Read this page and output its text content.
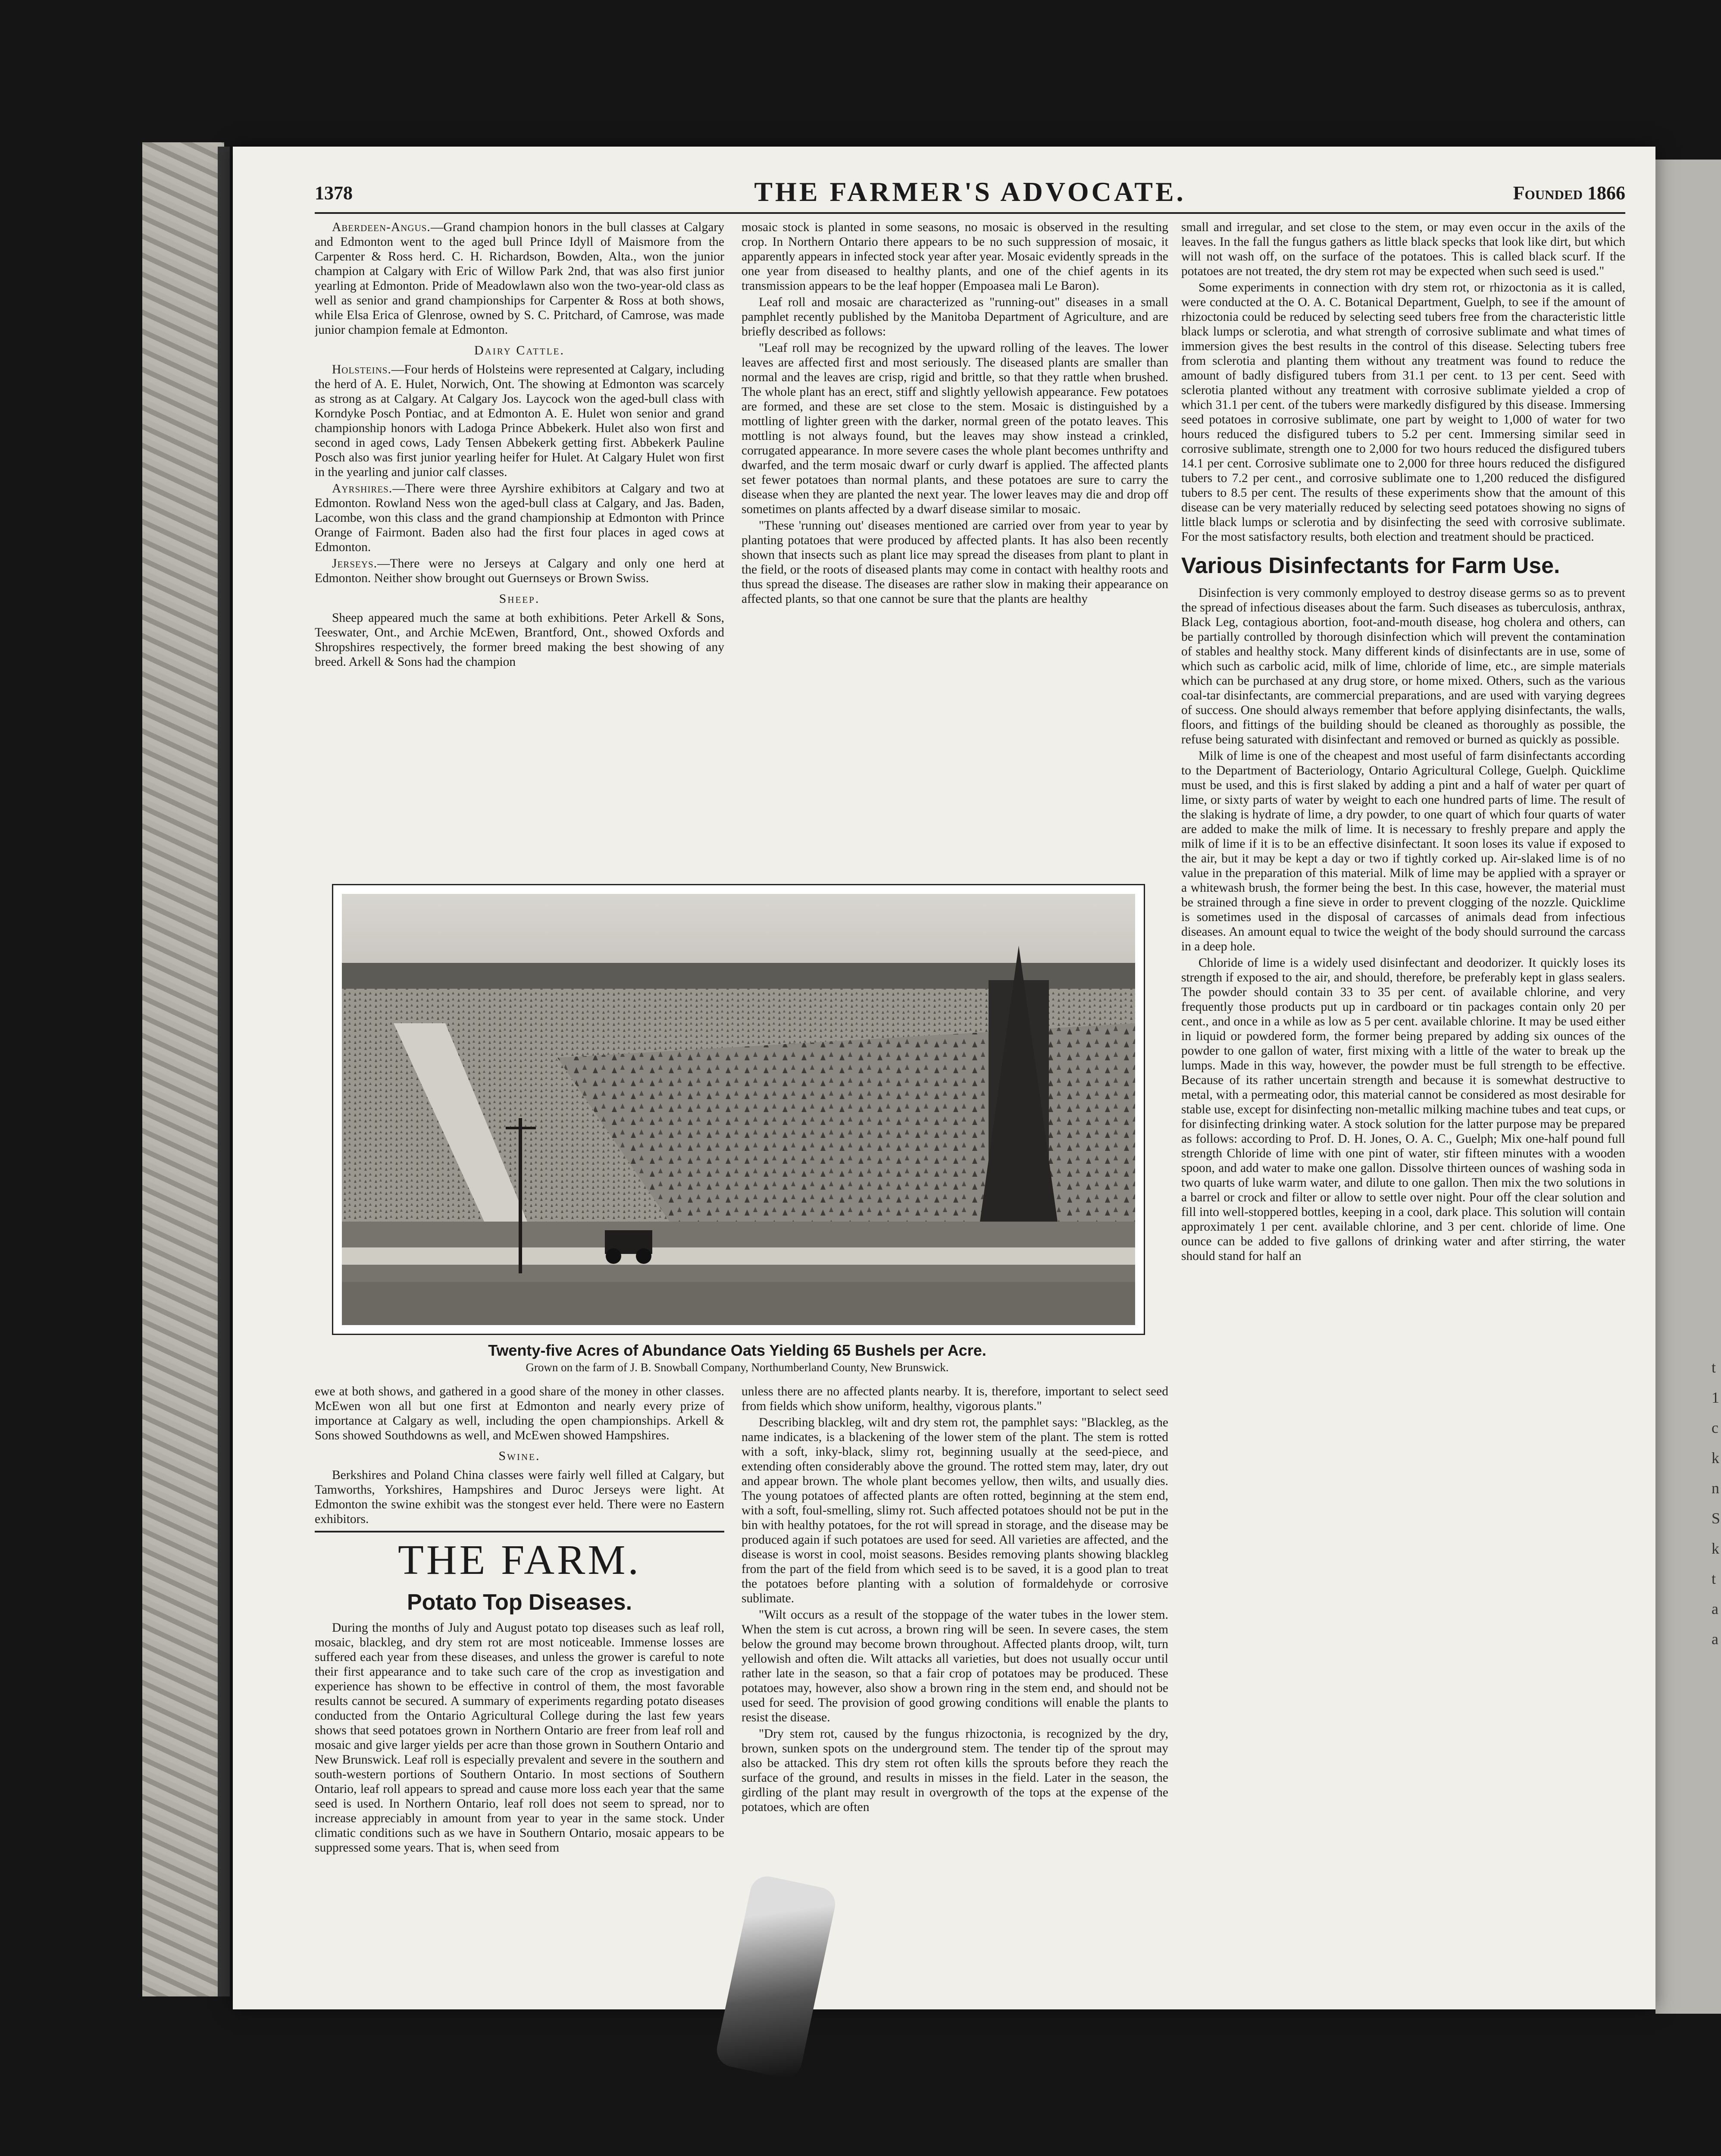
t
1
c
k
n
S
k
t
a
a
1378	THE FARMER'S ADVOCATE.	Founded 1866

Aberdeen-Angus.—Grand champion honors in the bull classes at Calgary and Edmonton went to the aged bull Prince Idyll of Maismore from the Carpenter & Ross herd. C. H. Richardson, Bowden, Alta., won the junior champion at Calgary with Eric of Willow Park 2nd, that was also first junior yearling at Edmonton. Pride of Meadowlawn also won the two-year-old class as well as senior and grand championships for Carpenter & Ross at both shows, while Elsa Erica of Glenrose, owned by S. C. Pritchard, of Camrose, was made junior champion female at Edmonton.

Dairy Cattle.

Holsteins.—Four herds of Holsteins were represented at Calgary, including the herd of A. E. Hulet, Norwich, Ont. The showing at Edmonton was scarcely as strong as at Calgary. At Calgary Jos. Laycock won the aged-bull class with Korndyke Posch Pontiac, and at Edmonton A. E. Hulet won senior and grand championship honors with Ladoga Prince Abbekerk. Hulet also won first and second in aged cows, Lady Tensen Abbekerk getting first. Abbekerk Pauline Posch also was first junior yearling heifer for Hulet. At Calgary Hulet won first in the yearling and junior calf classes.

Ayrshires.—There were three Ayrshire exhibitors at Calgary and two at Edmonton. Rowland Ness won the aged-bull class at Calgary, and Jas. Baden, Lacombe, won this class and the grand championship at Edmonton with Prince Orange of Fairmont. Baden also had the first four places in aged cows at Edmonton.

Jerseys.—There were no Jerseys at Calgary and only one herd at Edmonton. Neither show brought out Guernseys or Brown Swiss.

Sheep.

Sheep appeared much the same at both exhibitions. Peter Arkell & Sons, Teeswater, Ont., and Archie McEwen, Brantford, Ont., showed Oxfords and Shropshires respectively, the former breed making the best showing of any breed. Arkell & Sons had the champion

mosaic stock is planted in some seasons, no mosaic is observed in the resulting crop. In Northern Ontario there appears to be no such suppression of mosaic, it apparently appears in infected stock year after year. Mosaic evidently spreads in the one year from diseased to healthy plants, and one of the chief agents in its transmission appears to be the leaf hopper (Empoasea mali Le Baron).

Leaf roll and mosaic are characterized as "running-out" diseases in a small pamphlet recently published by the Manitoba Department of Agriculture, and are briefly described as follows:

"Leaf roll may be recognized by the upward rolling of the leaves. The lower leaves are affected first and most seriously. The diseased plants are smaller than normal and the leaves are crisp, rigid and brittle, so that they rattle when brushed. The whole plant has an erect, stiff and slightly yellowish appearance. Few potatoes are formed, and these are set close to the stem. Mosaic is distinguished by a mottling of lighter green with the darker, normal green of the potato leaves. This mottling is not always found, but the leaves may show instead a crinkled, corrugated appearance. In more severe cases the whole plant becomes unthrifty and dwarfed, and the term mosaic dwarf or curly dwarf is applied. The affected plants set fewer potatoes than normal plants, and these potatoes are sure to carry the disease when they are planted the next year. The lower leaves may die and drop off sometimes on plants affected by a dwarf disease similar to mosaic.

"These 'running out' diseases mentioned are carried over from year to year by planting potatoes that were produced by affected plants. It has also been recently shown that insects such as plant lice may spread the diseases from plant to plant in the field, or the roots of diseased plants may come in contact with healthy roots and thus spread the disease. The diseases are rather slow in making their appearance on affected plants, so that one cannot be sure that the plants are healthy

small and irregular, and set close to the stem, or may even occur in the axils of the leaves. In the fall the fungus gathers as little black specks that look like dirt, but which will not wash off, on the surface of the potatoes. This is called black scurf. If the potatoes are not treated, the dry stem rot may be expected when such seed is used."

Some experiments in connection with dry stem rot, or rhizoctonia as it is called, were conducted at the O. A. C. Botanical Department, Guelph, to see if the amount of rhizoctonia could be reduced by selecting seed tubers free from the characteristic little black lumps or sclerotia, and what strength of corrosive sublimate and what times of immersion gives the best results in the control of this disease. Selecting tubers free from sclerotia and planting them without any treatment was found to reduce the amount of badly disfigured tubers from 31.1 per cent. to 13 per cent. Seed with sclerotia planted without any treatment with corrosive sublimate yielded a crop of which 31.1 per cent. of the tubers were markedly disfigured by this disease. Immersing seed potatoes in corrosive sublimate, one part by weight to 1,000 of water for two hours reduced the disfigured tubers to 5.2 per cent. Immersing similar seed in corrosive sublimate, strength one to 2,000 for two hours reduced the disfigured tubers 14.1 per cent. Corrosive sublimate one to 2,000 for three hours reduced the disfigured tubers to 7.2 per cent., and corrosive sublimate one to 1,200 reduced the disfigured tubers to 8.5 per cent. The results of these experiments show that the amount of this disease can be very materially reduced by selecting seed potatoes showing no signs of little black lumps or sclerotia and by disinfecting the seed with corrosive sublimate. For the most satisfactory results, both election and treatment should be practiced.

Various Disinfectants for Farm Use.

Disinfection is very commonly employed to destroy disease germs so as to prevent the spread of infectious diseases about the farm. Such diseases as tuberculosis, anthrax, Black Leg, contagious abortion, foot-and-mouth disease, hog cholera and others, can be partially controlled by thorough disinfection which will prevent the contamination of stables and healthy stock. Many different kinds of disinfectants are in use, some of which such as carbolic acid, milk of lime, chloride of lime, etc., are simple materials which can be purchased at any drug store, or home mixed. Others, such as the various coal-tar disinfectants, are commercial preparations, and are used with varying degrees of success. One should always remember that before applying disinfectants, the walls, floors, and fittings of the building should be cleaned as thoroughly as possible, the refuse being saturated with disinfectant and removed or burned as quickly as possible.

Milk of lime is one of the cheapest and most useful of farm disinfectants according to the Department of Bacteriology, Ontario Agricultural College, Guelph. Quicklime must be used, and this is first slaked by adding a pint and a half of water per quart of lime, or sixty parts of water by weight to each one hundred parts of lime. The result of the slaking is hydrate of lime, a dry powder, to one quart of which four quarts of water are added to make the milk of lime. It is necessary to freshly prepare and apply the milk of lime if it is to be an effective disinfectant. It soon loses its value if exposed to the air, but it may be kept a day or two if tightly corked up. Air-slaked lime is of no value in the preparation of this material. Milk of lime may be applied with a sprayer or a whitewash brush, the former being the best. In this case, however, the material must be strained through a fine sieve in order to prevent clogging of the nozzle. Quicklime is sometimes used in the disposal of carcasses of animals dead from infectious diseases. An amount equal to twice the weight of the body should surround the carcass in a deep hole.

Chloride of lime is a widely used disinfectant and deodorizer. It quickly loses its strength if exposed to the air, and should, therefore, be preferably kept in glass sealers. The powder should contain 33 to 35 per cent. of available chlorine, and very frequently those products put up in cardboard or tin packages contain only 20 per cent., and once in a while as low as 5 per cent. available chlorine. It may be used either in liquid or powdered form, the former being prepared by adding six ounces of the powder to one gallon of water, first mixing with a little of the water to break up the lumps. Made in this way, however, the powder must be full strength to be effective. Because of its rather uncertain strength and because it is somewhat destructive to metal, with a permeating odor, this material cannot be considered as most desirable for stable use, except for disinfecting non-metallic milking machine tubes and teat cups, or for disinfecting drinking water. A stock solution for the latter purpose may be prepared as follows: according to Prof. D. H. Jones, O. A. C., Guelph; Mix one-half pound full strength Chloride of lime with one pint of water, stir fifteen minutes with a wooden spoon, and add water to make one gallon. Dissolve thirteen ounces of washing soda in two quarts of luke warm water, and dilute to one gallon. Then mix the two solutions in a barrel or crock and filter or allow to settle over night. Pour off the clear solution and fill into well-stoppered bottles, keeping in a cool, dark place. This solution will contain approximately 1 per cent. available chlorine, and 3 per cent. chloride of lime. One ounce can be added to five gallons of drinking water and after stirring, the water should stand for half an

Twenty-five Acres of Abundance Oats Yielding 65 Bushels per Acre.
Grown on the farm of J. B. Snowball Company, Northumberland County, New Brunswick.

ewe at both shows, and gathered in a good share of the money in other classes. McEwen won all but one first at Edmonton and nearly every prize of importance at Calgary as well, including the open championships. Arkell & Sons showed Southdowns as well, and McEwen showed Hampshires.

Swine.

Berkshires and Poland China classes were fairly well filled at Calgary, but Tamworths, Yorkshires, Hampshires and Duroc Jerseys were light. At Edmonton the swine exhibit was the stongest ever held. There were no Eastern exhibitors.

THE FARM.
Potato Top Diseases.

During the months of July and August potato top diseases such as leaf roll, mosaic, blackleg, and dry stem rot are most noticeable. Immense losses are suffered each year from these diseases, and unless the grower is careful to note their first appearance and to take such care of the crop as investigation and experience has shown to be effective in control of them, the most favorable results cannot be secured. A summary of experiments regarding potato diseases conducted from the Ontario Agricultural College during the last few years shows that seed potatoes grown in Northern Ontario are freer from leaf roll and mosaic and give larger yields per acre than those grown in Southern Ontario and New Brunswick. Leaf roll is especially prevalent and severe in the southern and south-western portions of Southern Ontario. In most sections of Southern Ontario, leaf roll appears to spread and cause more loss each year that the same seed is used. In Northern Ontario, leaf roll does not seem to spread, nor to increase appreciably in amount from year to year in the same stock. Under climatic conditions such as we have in Southern Ontario, mosaic appears to be suppressed some years. That is, when seed from

unless there are no affected plants nearby. It is, therefore, important to select seed from fields which show uniform, healthy, vigorous plants."

Describing blackleg, wilt and dry stem rot, the pamphlet says: "Blackleg, as the name indicates, is a blackening of the lower stem of the plant. The stem is rotted with a soft, inky-black, slimy rot, beginning usually at the seed-piece, and extending often considerably above the ground. The rotted stem may, later, dry out and appear brown. The whole plant becomes yellow, then wilts, and usually dies. The young potatoes of affected plants are often rotted, beginning at the stem end, with a soft, foul-smelling, slimy rot. Such affected potatoes should not be put in the bin with healthy potatoes, for the rot will spread in storage, and the disease may be produced again if such potatoes are used for seed. All varieties are affected, and the disease is worst in cool, moist seasons. Besides removing plants showing blackleg from the part of the field from which seed is to be saved, it is a good plan to treat the potatoes before planting with a solution of formaldehyde or corrosive sublimate.

"Wilt occurs as a result of the stoppage of the water tubes in the lower stem. When the stem is cut across, a brown ring will be seen. In severe cases, the stem below the ground may become brown throughout. Affected plants droop, wilt, turn yellowish and often die. Wilt attacks all varieties, but does not usually occur until rather late in the season, so that a fair crop of potatoes may be produced. These potatoes may, however, also show a brown ring in the stem end, and should not be used for seed. The provision of good growing conditions will enable the plants to resist the disease.

"Dry stem rot, caused by the fungus rhizoctonia, is recognized by the dry, brown, sunken spots on the underground stem. The tender tip of the sprout may also be attacked. This dry stem rot often kills the sprouts before they reach the surface of the ground, and results in misses in the field. Later in the season, the girdling of the plant may result in overgrowth of the tops at the expense of the potatoes, which are often
